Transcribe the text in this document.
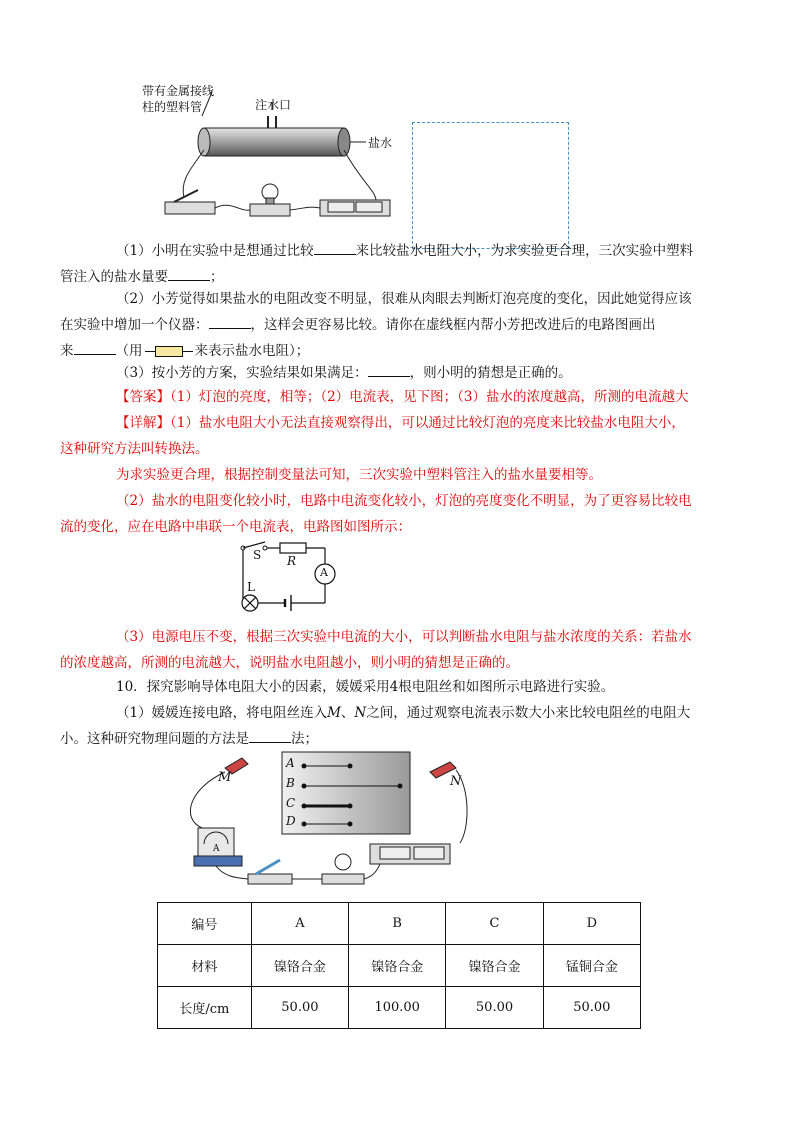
带有金属接线
柱的塑料管	注水口
盐水
（1）小明在实验中是想通过比较	来比较盐水电阻大小，为求实验更合理，三次实验中塑料
管注入的盐水量要	；
（2）小芳觉得如果盐水的电阻改变不明显，很难从肉眼去判断灯泡亮度的变化，因此她觉得应该
在实验中增加一个仪器：	，这样会更容易比较。请你在虚线框内帮小芳把改进后的电路图画出
来	（用	来表示盐水电阻）；
（3）按小芳的方案，实验结果如果满足：	，则小明的猜想是正确的。
【答案】（1）灯泡的亮度，相等；（2）电流表，见下图；（3）盐水的浓度越高，所测的电流越大
【详解】（1）盐水电阻大小无法直接观察得出，可以通过比较灯泡的亮度来比较盐水电阻大小，
这种研究方法叫转换法。
为求实验更合理，根据控制变量法可知，三次实验中塑料管注入的盐水量要相等。
（2）盐水的电阻变化较小时，电路中电流变化较小，灯泡的亮度变化不明显，为了更容易比较电
流的变化，应在电路中串联一个电流表，电路图如图所示：
S R
A
L
（3）电源电压不变，根据三次实验中电流的大小，可以判断盐水电阻与盐水浓度的关系：若盐水
的浓度越高，所测的电流越大，说明盐水电阻越小，则小明的猜想是正确的。
10．探究影响导体电阻大小的因素，媛媛采用4根电阻丝和如图所示电路进行实验。
（1）媛媛连接电路，将电阻丝连入M、N之间，通过观察电流表示数大小来比较电阻丝的电阻大
小。这种研究物理问题的方法是	法；
A
B
C
D
M	N
A
编号	A	B	C	D
材料	镍铬合金	镍铬合金	镍铬合金	锰铜合金
长度/cm	50.00	100.00	50.00	50.00
